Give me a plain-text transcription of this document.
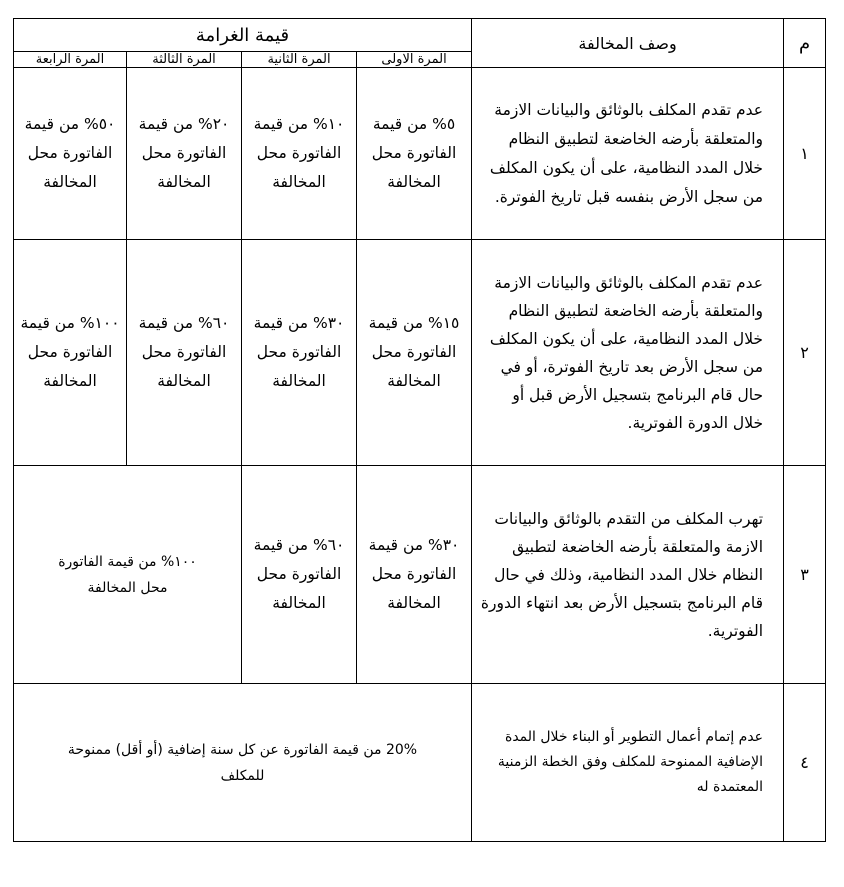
م	وصف المخالفة	قيمة الغرامة			
		المرة الاولى	المرة الثانية	المرة الثالثة	المرة الرابعة
١	عدم تقدم المكلف بالوثائق والبيانات الازمة والمتعلقة بأرضه الخاضعة لتطبيق النظام خلال المدد النظامية، على أن يكون المكلف من سجل الأرض بنفسه قبل تاريخ الفوترة.	٥% من قيمة الفاتورة محل المخالفة	١٠% من قيمة الفاتورة محل المخالفة	٢٠% من قيمة الفاتورة محل المخالفة	٥٠% من قيمة الفاتورة محل المخالفة

٢	عدم تقدم المكلف بالوثائق والبيانات الازمة والمتعلقة بأرضه الخاضعة لتطبيق النظام خلال المدد النظامية، على أن يكون المكلف من سجل الأرض بعد تاريخ الفوترة، أو في حال قام البرنامج بتسجيل الأرض قبل أو خلال الدورة الفوترية.	١٥% من قيمة الفاتورة محل المخالفة	٣٠% من قيمة الفاتورة محل المخالفة	٦٠% من قيمة الفاتورة محل المخالفة	١٠٠% من قيمة الفاتورة محل المخالفة

٣	تهرب المكلف من التقدم بالوثائق والبيانات الازمة والمتعلقة بأرضه الخاضعة لتطبيق النظام خلال المدد النظامية، وذلك في حال قام البرنامج بتسجيل الأرض بعد انتهاء الدورة الفوترية.	٣٠% من قيمة الفاتورة محل المخالفة	٦٠% من قيمة الفاتورة محل المخالفة	١٠٠% من قيمة الفاتورة محل المخالفة	

٤	عدم إتمام أعمال التطوير أو البناء خلال المدة الإضافية الممنوحة للمكلف وفق الخطة الزمنية المعتمدة له	20% من قيمة الفاتورة عن كل سنة إضافية (أو أقل) ممنوحة للمكلف			
